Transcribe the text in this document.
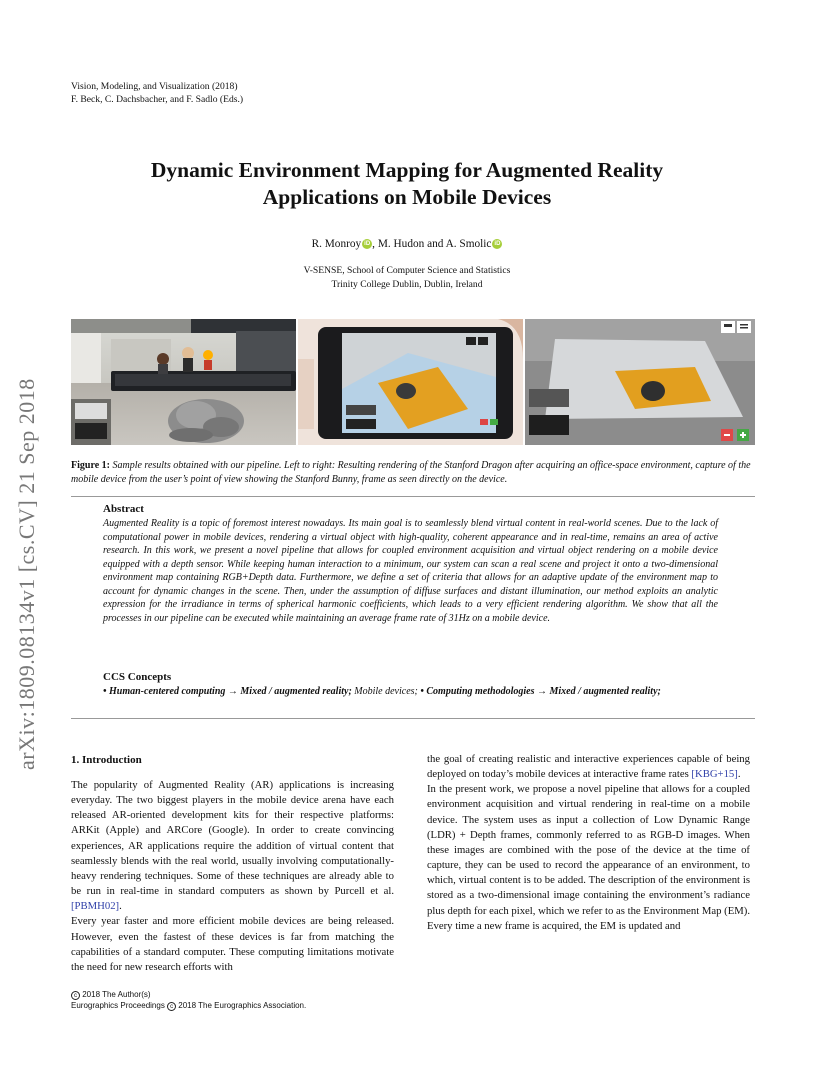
Vision, Modeling, and Visualization (2018)
F. Beck, C. Dachsbacher, and F. Sadlo (Eds.)
arXiv:1809.08134v1 [cs.CV] 21 Sep 2018
Dynamic Environment Mapping for Augmented Reality
Applications on Mobile Devices
R. Monroy iD , M. Hudon and A. Smolic iD
V-SENSE, School of Computer Science and Statistics
Trinity College Dublin, Dublin, Ireland
Figure 1: Sample results obtained with our pipeline. Left to right: Resulting rendering of the Stanford Dragon after acquiring an office-space environment, capture of the mobile device from the user’s point of view showing the Stanford Bunny, frame as seen directly on the device.
Abstract
Augmented Reality is a topic of foremost interest nowadays. Its main goal is to seamlessly blend virtual content in real-world scenes. Due to the lack of computational power in mobile devices, rendering a virtual object with high-quality, coherent appearance and in real-time, remains an area of active research. In this work, we present a novel pipeline that allows for coupled environment acquisition and virtual object rendering on a mobile device equipped with a depth sensor. While keeping human interaction to a minimum, our system can scan a real scene and project it onto a two-dimensional environment map containing RGB+Depth data. Furthermore, we define a set of criteria that allows for an adaptive update of the environment map to account for dynamic changes in the scene. Then, under the assumption of diffuse surfaces and distant illumination, our method exploits an analytic expression for the irradiance in terms of spherical harmonic coefficients, which leads to a very efficient rendering algorithm. We show that all the processes in our pipeline can be executed while maintaining an average frame rate of 31Hz on a mobile device.
CCS Concepts
• Human-centered computing → Mixed / augmented reality; Mobile devices; • Computing methodologies → Mixed / augmented reality;
1. Introduction

The popularity of Augmented Reality (AR) applications is increasing everyday. The two biggest players in the mobile device arena have each released AR-oriented development kits for their respective platforms: ARKit (Apple) and ARCore (Google). In order to create convincing experiences, AR applications require the addition of virtual content that seamlessly blends with the real world, usually involving computationally-heavy rendering techniques. Some of these techniques are already able to be run in real-time in standard computers as shown by Purcell et al. [PBMH02].

Every year faster and more efficient mobile devices are being released. However, even the fastest of these devices is far from matching the capabilities of a standard computer. These computing limitations motivate the need for new research efforts with

the goal of creating realistic and interactive experiences capable of being deployed on today’s mobile devices at interactive frame rates [KBG+15].

In the present work, we propose a novel pipeline that allows for a coupled environment acquisition and virtual rendering in real-time on a mobile device. The system uses as input a collection of Low Dynamic Range (LDR) + Depth frames, commonly referred to as RGB-D images. When these images are combined with the pose of the device at the time of capture, they can be used to record the appearance of an environment, to which, virtual content is to be added. The description of the environment is stored as a two-dimensional image containing the environment’s radiance plus depth for each pixel, which we refer to as the Environment Map (EM). Every time a new frame is acquired, the EM is updated and

c 2018 The Author(s)
Eurographics Proceedings c 2018 The Eurographics Association.
